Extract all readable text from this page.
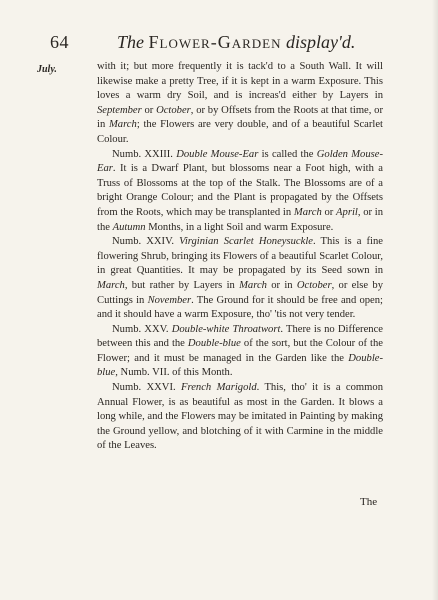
64	The Flower-Garden display'd.
July.	with it; but more frequently it is tack'd to a South Wall. It will likewise make a pretty Tree, if it is kept in a warm Exposure. This loves a warm dry Soil, and is increas'd either by Layers in September or October, or by Offsets from the Roots at that time, or in March; the Flowers are very double, and of a beautiful Scarlet Colour.

Numb. XXIII. Double Mouse-Ear is called the Golden Mouse-Ear. It is a Dwarf Plant, but blossoms near a Foot high, with a Truss of Blossoms at the top of the Stalk. The Blossoms are of a bright Orange Colour; and the Plant is propagated by the Offsets from the Roots, which may be transplanted in March or April, or in the Autumn Months, in a light Soil and warm Exposure.

Numb. XXIV. Virginian Scarlet Honeysuckle. This is a fine flowering Shrub, bringing its Flowers of a beautiful Scarlet Colour, in great Quantities. It may be propagated by its Seed sown in March, but rather by Layers in March or in October, or else by Cuttings in November. The Ground for it should be free and open; and it should have a warm Exposure, tho' 'tis not very tender.

Numb. XXV. Double-white Throatwort. There is no Difference between this and the Double-blue of the sort, but the Colour of the Flower; and it must be managed in the Garden like the Double-blue, Numb. VII. of this Month.

Numb. XXVI. French Marigold. This, tho' it is a common Annual Flower, is as beautiful as most in the Garden. It blows a long while, and the Flowers may be imitated in Painting by making the Ground yellow, and blotching of it with Carmine in the middle of the Leaves.

The
